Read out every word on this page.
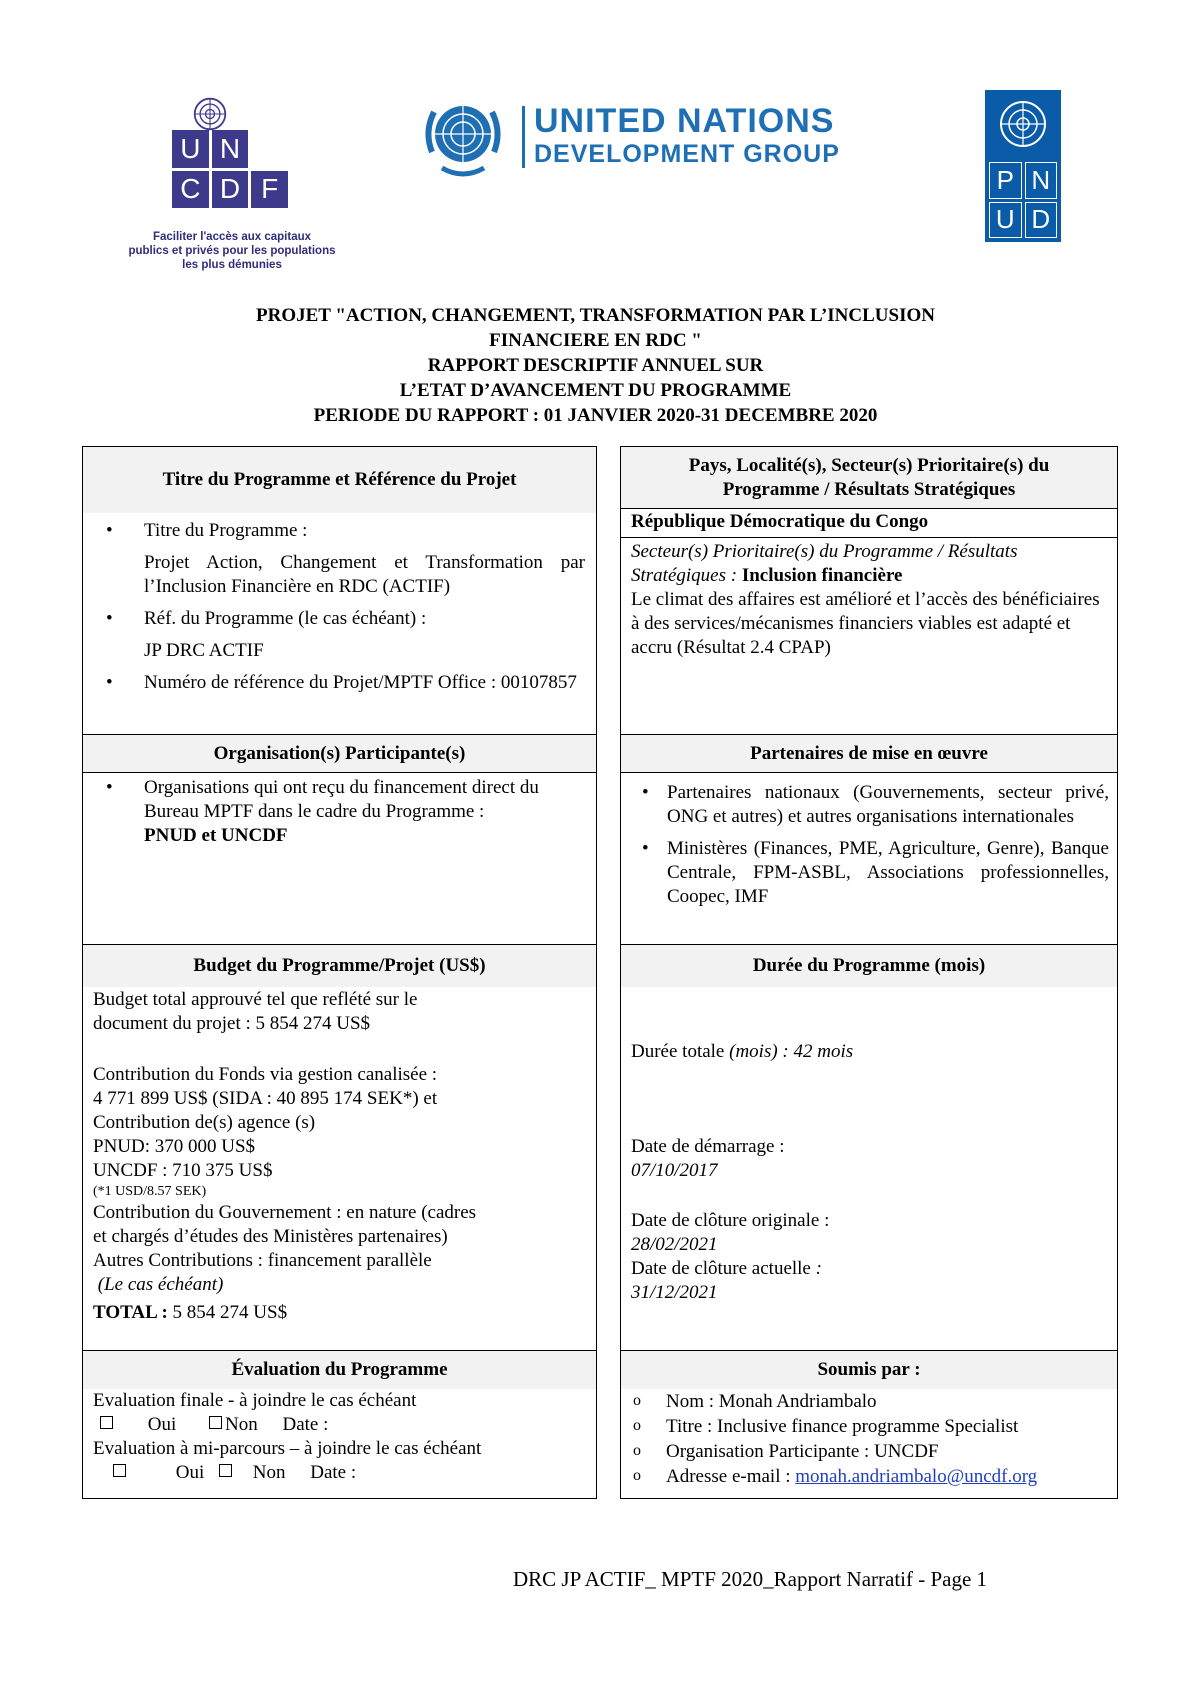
U N
C D F
Faciliter l'accès aux capitaux
publics et privés pour les populations
les plus démunies
UNITED NATIONS
DEVELOPMENT GROUP
P N
U D
PROJET "ACTION, CHANGEMENT, TRANSFORMATION PAR L’INCLUSION
FINANCIERE EN RDC "
RAPPORT DESCRIPTIF ANNUEL SUR
L’ETAT D’AVANCEMENT DU PROGRAMME
PERIODE DU RAPPORT : 01 JANVIER 2020-31 DECEMBRE 2020
Titre du Programme et Référence du Projet
• Titre du Programme :
Projet Action, Changement et Transformation par l’Inclusion Financière en RDC (ACTIF)
• Réf. du Programme (le cas échéant) :
JP DRC ACTIF
• Numéro de référence du Projet/MPTF Office : 00107857
Organisation(s) Participante(s)
• Organisations qui ont reçu du financement direct du Bureau MPTF dans le cadre du Programme :
PNUD et UNCDF
Budget du Programme/Projet (US$)
Budget total approuvé tel que reflété sur le
document du projet : 5 854 274 US$
Contribution du Fonds via gestion canalisée :
4 771 899 US$ (SIDA : 40 895 174 SEK*) et
Contribution de(s) agence (s)
PNUD: 370 000 US$
UNCDF : 710 375 US$
(*1 USD/8.57 SEK)
Contribution du Gouvernement : en nature (cadres
et chargés d’études des Ministères partenaires)
Autres Contributions : financement parallèle
(Le cas échéant)
TOTAL : 5 854 274 US$
Évaluation du Programme
Evaluation finale - à joindre le cas échéant
Oui	Non Date :
Evaluation à mi-parcours – à joindre le cas échéant
Oui	Non Date :
Pays, Localité(s), Secteur(s) Prioritaire(s) du
Programme / Résultats Stratégiques
République Démocratique du Congo
Secteur(s) Prioritaire(s) du Programme / Résultats Stratégiques : Inclusion financière
Le climat des affaires est amélioré et l’accès des bénéficiaires à des services/mécanismes financiers viables est adapté et accru (Résultat 2.4 CPAP)
Partenaires de mise en œuvre
• Partenaires nationaux (Gouvernements, secteur privé, ONG et autres) et autres organisations internationales
• Ministères (Finances, PME, Agriculture, Genre), Banque Centrale, FPM-ASBL, Associations professionnelles, Coopec, IMF
Durée du Programme (mois)
Durée totale (mois) : 42 mois
Date de démarrage :
07/10/2017
Date de clôture originale :
28/02/2021
Date de clôture actuelle :
31/12/2021
Soumis par :
o Nom : Monah Andriambalo
o Titre : Inclusive finance programme Specialist
o Organisation Participante : UNCDF
o Adresse e-mail : monah.andriambalo@uncdf.org
DRC JP ACTIF_ MPTF 2020_Rapport Narratif - Page 1
